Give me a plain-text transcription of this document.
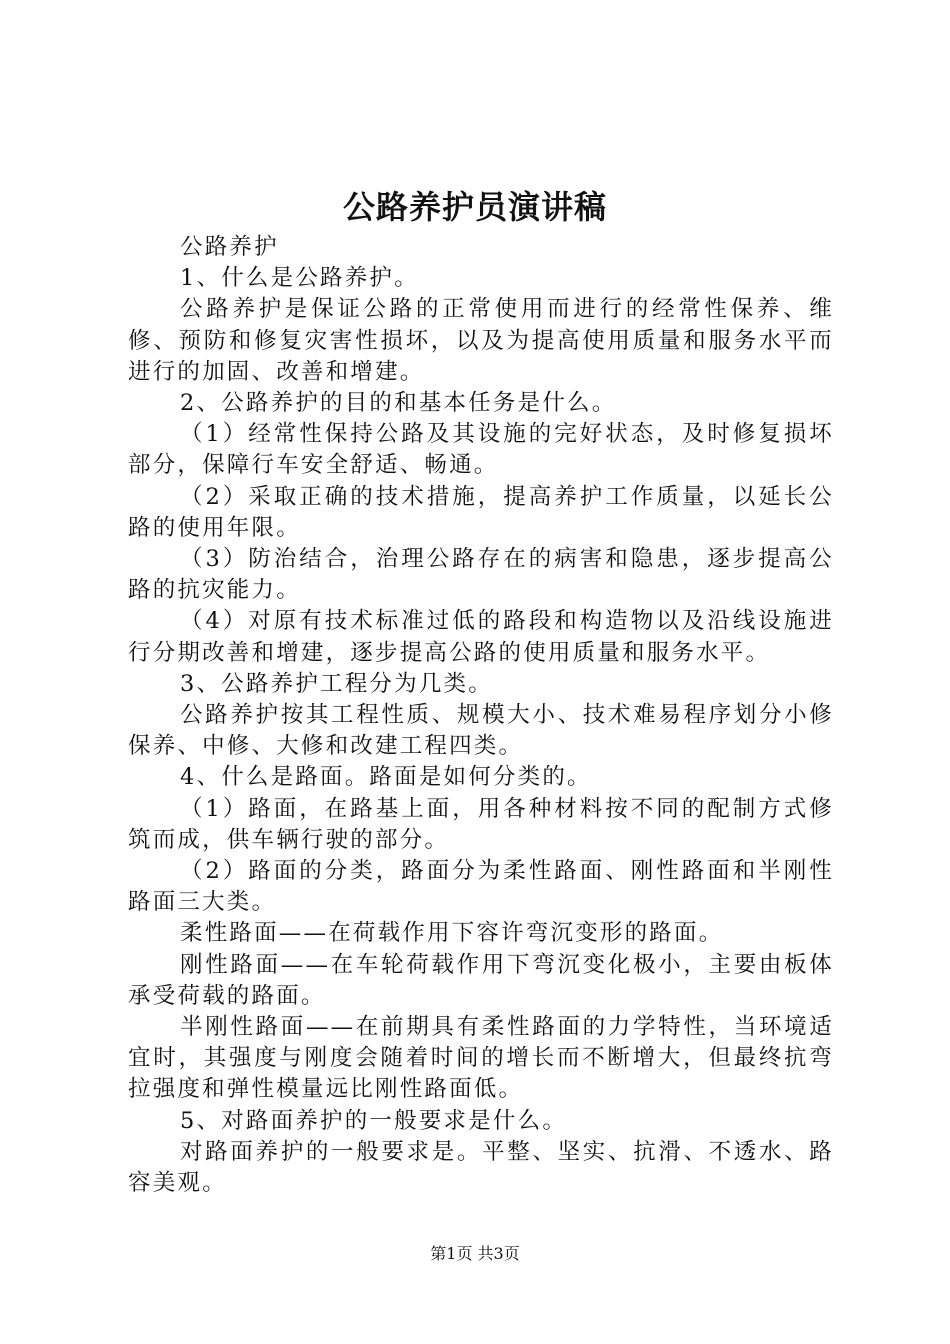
公路养护员演讲稿

公路养护

1、什么是公路养护。

公路养护是保证公路的正常使用而进行的经常性保养、维修、预防和修复灾害性损坏，以及为提高使用质量和服务水平而进行的加固、改善和增建。

2、公路养护的目的和基本任务是什么。

（1）经常性保持公路及其设施的完好状态，及时修复损坏部分，保障行车安全舒适、畅通。

（2）采取正确的技术措施，提高养护工作质量，以延长公路的使用年限。

（3）防治结合，治理公路存在的病害和隐患，逐步提高公路的抗灾能力。

（4）对原有技术标准过低的路段和构造物以及沿线设施进行分期改善和增建，逐步提高公路的使用质量和服务水平。

3、公路养护工程分为几类。

公路养护按其工程性质、规模大小、技术难易程序划分小修保养、中修、大修和改建工程四类。

4、什么是路面。路面是如何分类的。

（1）路面，在路基上面，用各种材料按不同的配制方式修筑而成，供车辆行驶的部分。

（2）路面的分类，路面分为柔性路面、刚性路面和半刚性路面三大类。

柔性路面——在荷载作用下容许弯沉变形的路面。

刚性路面——在车轮荷载作用下弯沉变化极小，主要由板体承受荷载的路面。

半刚性路面——在前期具有柔性路面的力学特性，当环境适宜时，其强度与刚度会随着时间的增长而不断增大，但最终抗弯拉强度和弹性模量远比刚性路面低。

5、对路面养护的一般要求是什么。

对路面养护的一般要求是。平整、坚实、抗滑、不透水、路容美观。

第1页 共3页
